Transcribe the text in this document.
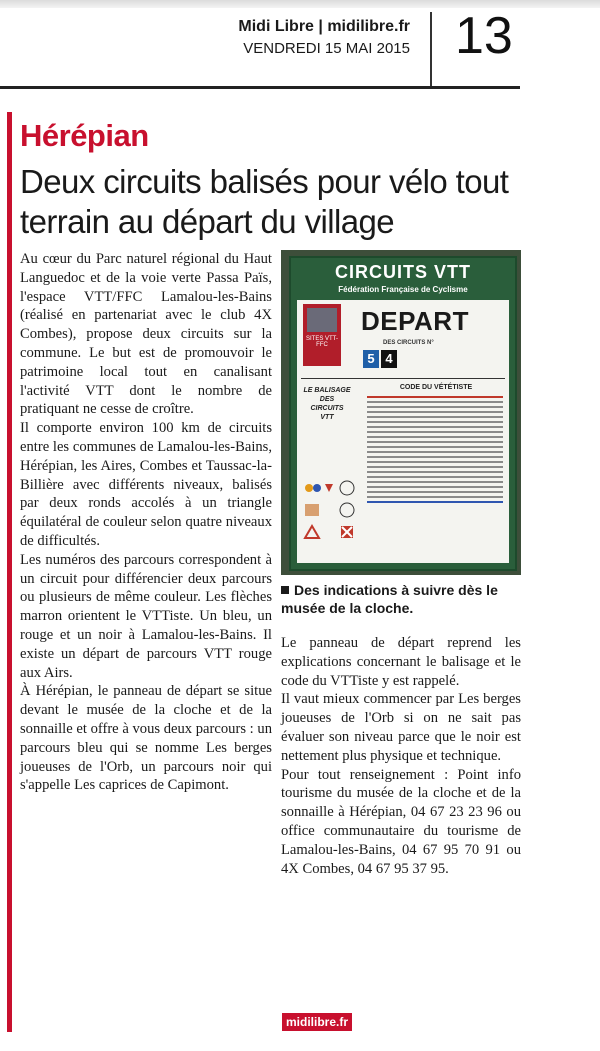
Midi Libre | midilibre.fr
VENDREDI 15 MAI 2015 13
Hérépian
Deux circuits balisés pour vélo tout terrain au départ du village

Au cœur du Parc naturel régional du Haut Languedoc et de la voie verte Passa Païs, l'espace VTT/FFC Lamalou-les-Bains (réalisé en partenariat avec le club 4X Combes), propose deux circuits sur la commune. Le but est de promouvoir le patrimoine local tout en canalisant l'activité VTT dont le nombre de pratiquant ne cesse de croître.

Il comporte environ 100 km de circuits entre les communes de Lamalou-les-Bains, Hérépian, les Aires, Combes et Taussac-la-Billière avec différents niveaux, balisés par deux ronds accolés à un triangle équilatéral de couleur selon quatre niveaux de difficultés.

Les numéros des parcours correspondent à un circuit pour différencier deux parcours ou plusieurs de même couleur. Les flèches marron orientent le VTTiste. Un bleu, un rouge et un noir à Lamalou-les-Bains. Il existe un départ de parcours VTT rouge aux Airs.

À Hérépian, le panneau de départ se situe devant le musée de la cloche et de la sonnaille et offre à vous deux parcours : un parcours bleu qui se nomme Les berges joueuses de l'Orb, un parcours noir qui s'appelle Les caprices de Capimont.

CIRCUITS VTT
Fédération Française de Cyclisme
SITES VTT-FFC
DEPART
DES CIRCUITS N°
5 4
LE BALISAGE DES CIRCUITS VTT
CODE DU VÉTÉTISTE
Des indications à suivre dès le musée de la cloche.

Le panneau de départ reprend les explications concernant le balisage et le code du VTTiste y est rappelé.

Il vaut mieux commencer par Les berges joueuses de l'Orb si on ne sait pas évaluer son niveau parce que le noir est nettement plus physique et technique.

Pour tout renseignement : Point info tourisme du musée de la cloche et de la sonnaille à Hérépian, 04 67 23 23 96 ou office communautaire du tourisme de Lamalou-les-Bains, 04 67 95 70 91 ou 4X Combes, 04 67 95 37 95.

midilibre.fr
